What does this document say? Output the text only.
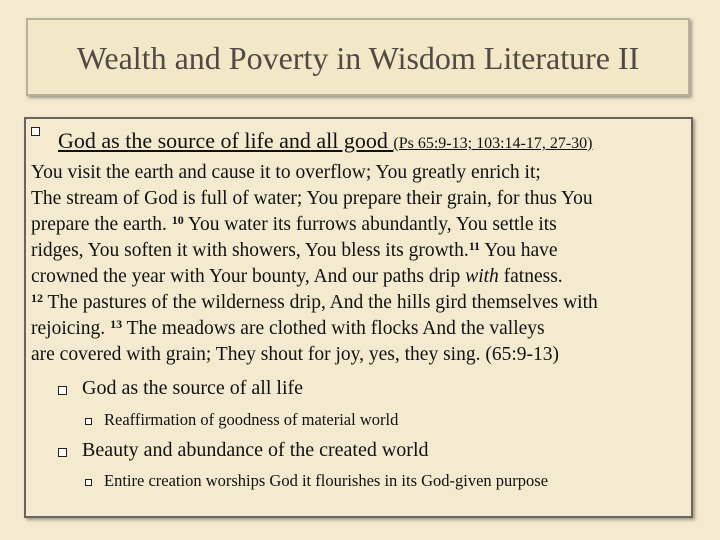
Wealth and Poverty in Wisdom Literature II
God as the source of life and all good (Ps 65:9-13; 103:14-17, 27-30)
You visit the earth and cause it to overflow; You greatly enrich it;
The stream of God is full of water; You prepare their grain, for thus You
prepare the earth. $^{10}$ You water its furrows abundantly, You settle its
ridges, You soften it with showers, You bless its growth.$^{11}$ You have
crowned the year with Your bounty, And our paths drip with fatness.
$^{12}$ The pastures of the wilderness drip, And the hills gird themselves with
rejoicing. $^{13}$ The meadows are clothed with flocks And the valleys
are covered with grain; They shout for joy, yes, they sing. (65:9-13)
God as the source of all life
Reaffirmation of goodness of material world
Beauty and abundance of the created world
Entire creation worships God it flourishes in its God-given purpose
